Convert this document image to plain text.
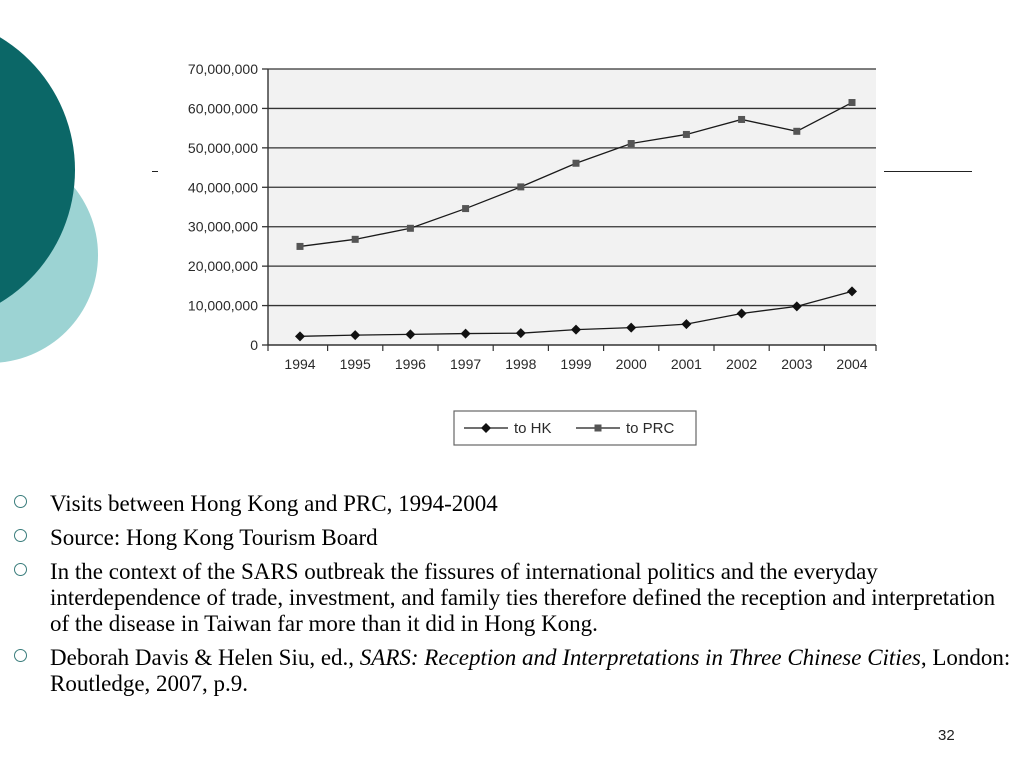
0
10,000,000
20,000,000
30,000,000
40,000,000
50,000,000
60,000,000
70,000,000
1994 1995 1996 1997 1998 1999 2000 2001 2002 2003 2004
to HK	to PRC
Visits between Hong Kong and PRC, 1994-2004
Source: Hong Kong Tourism Board
In the context of the SARS outbreak the fissures of international politics and the everyday interdependence of trade, investment, and family ties therefore defined the reception and interpretation of the disease in Taiwan far more than it did in Hong Kong.
Deborah Davis & Helen Siu, ed., SARS: Reception and Interpretations in Three Chinese Cities, London: Routledge, 2007, p.9.
32
